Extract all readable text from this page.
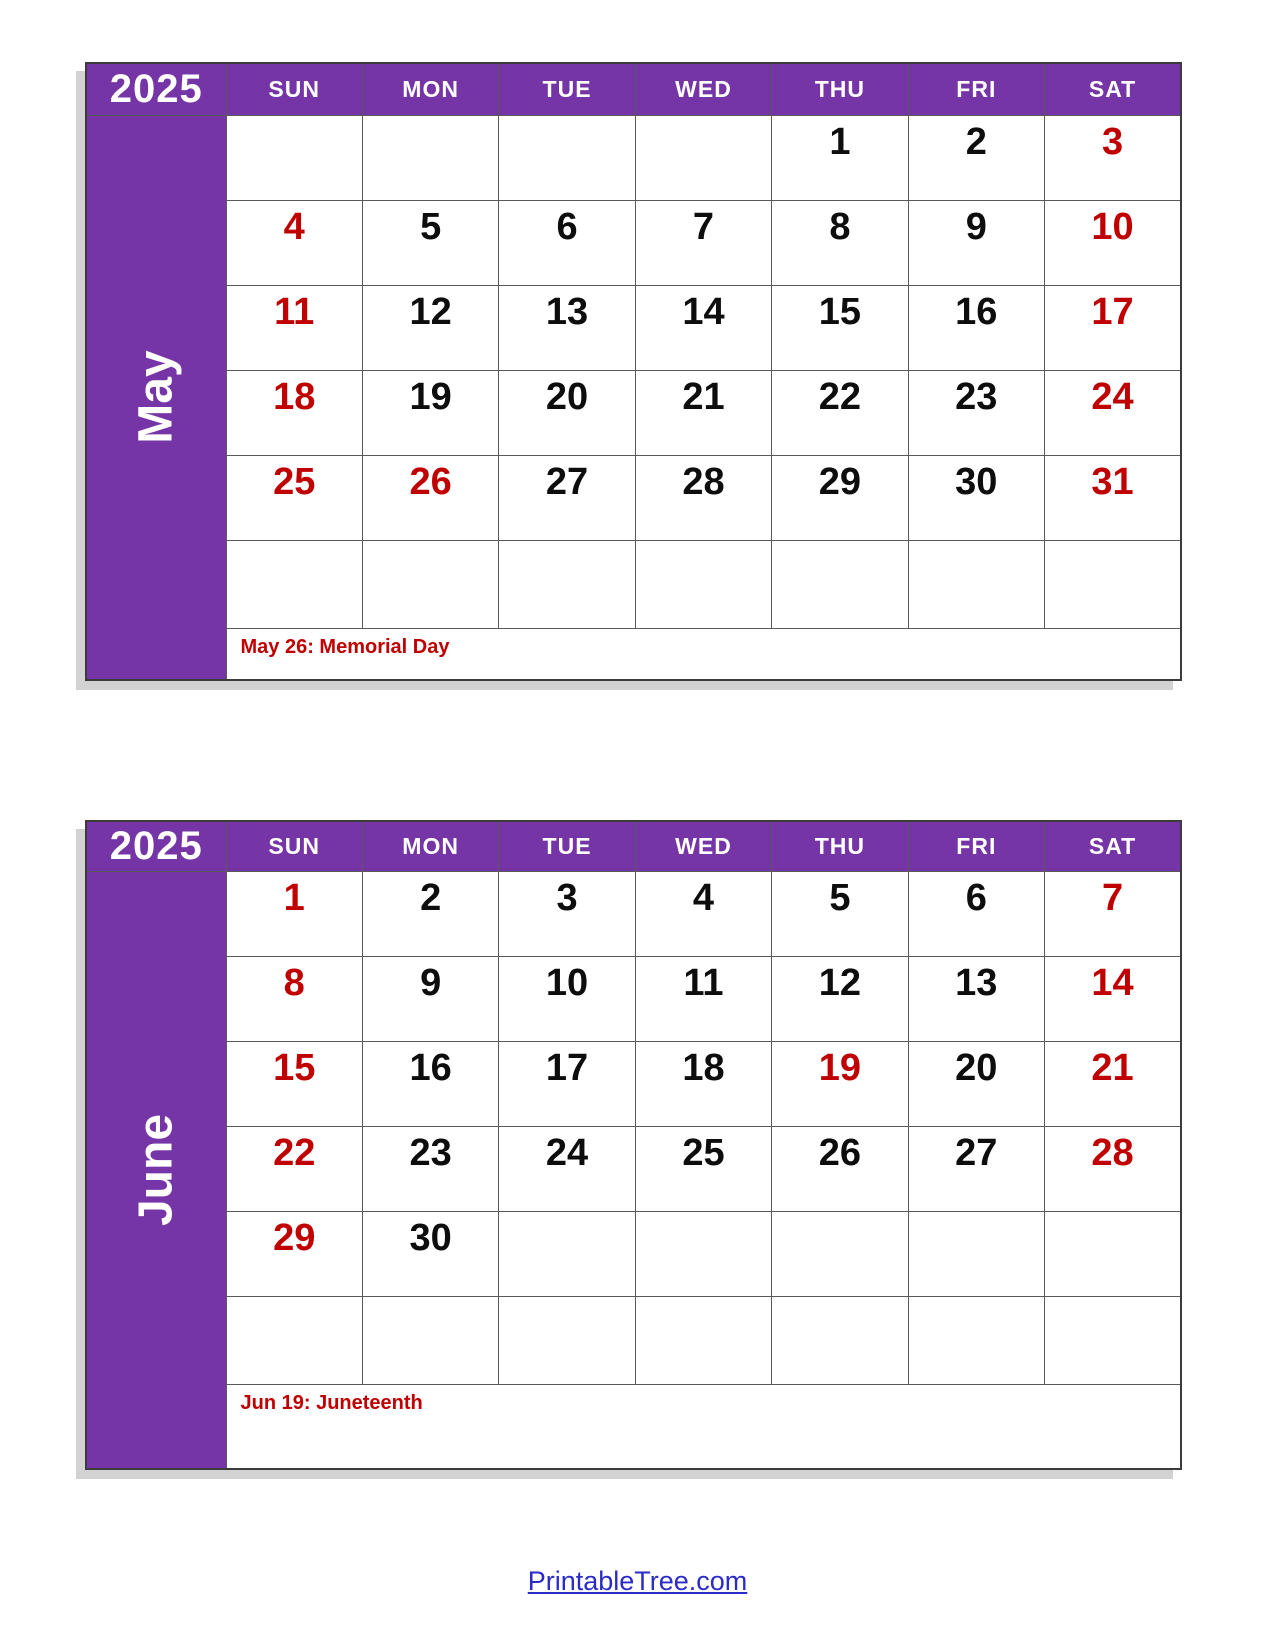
2025	SUN	MON	TUE	WED	THU	FRI	SAT

May					1	2	3
	4	5	6	7	8	9	10
	11	12	13	14	15	16	17
	18	19	20	21	22	23	24
	25	26	27	28	29	30	31

	May 26: Memorial Day						
2025	SUN	MON	TUE	WED	THU	FRI	SAT

June	1	2	3	4	5	6	7
	8	9	10	11	12	13	14
	15	16	17	18	19	20	21
	22	23	24	25	26	27	28
	29	30					

	Jun 19: Juneteenth						
PrintableTree.com
